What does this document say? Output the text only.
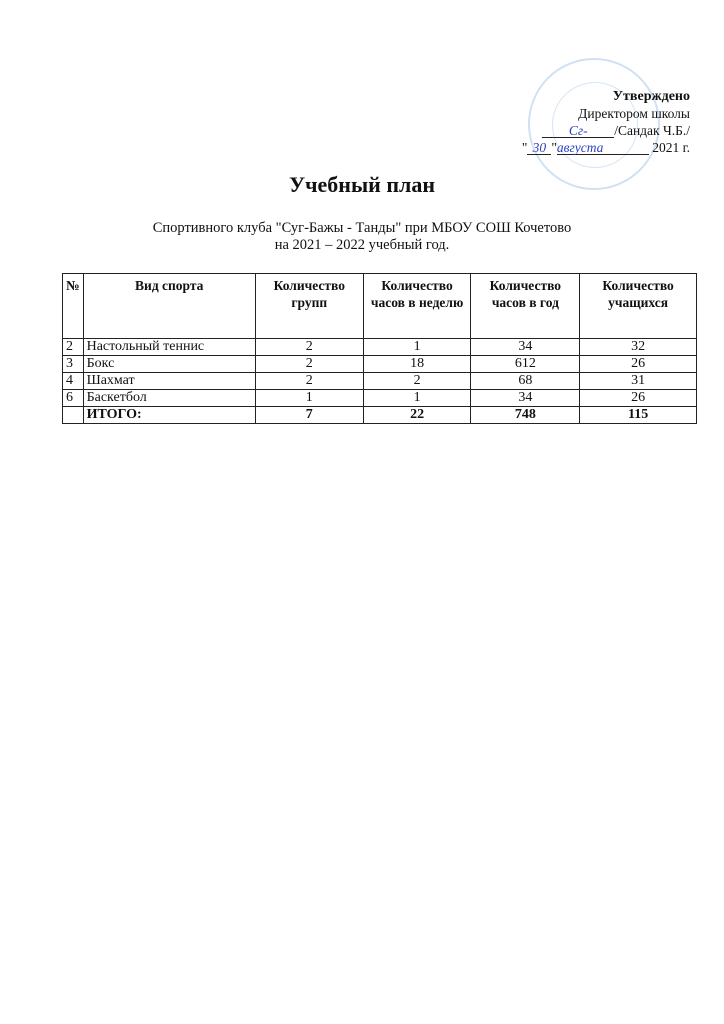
Утверждено
Директором школы
Сг- /Сандак Ч.Б./
" 30 "августа	2021 г.
Учебный план
Спортивного клуба "Суг-Бажы - Танды" при МБОУ СОШ Кочетово
на 2021 – 2022 учебный год.
№	Вид спорта	Количество групп	Количество часов в неделю	Количество часов в год	Количество учащихся
2	Настольный теннис	2	1	34	32
3	Бокс	2	18	612	26
4	Шахмат	2	2	68	31
6	Баскетбол	1	1	34	26
	ИТОГО:	7	22	748	115
